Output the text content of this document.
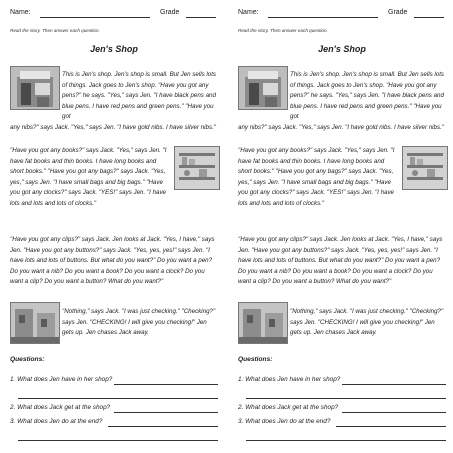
Name:	Grade
Read the story. Then answer each question.
Jen's Shop
This is Jen's shop. Jen's shop is small. But Jen sells lots of things. Jack goes to Jen's shop. "Have you got any pens?" he says. "Yes," says Jen. "I have black pens and blue pens. I have red pens and green pens." "Have you got
any nibs?" says Jack. "Yes," says Jen. "I have gold nibs. I have silver nibs."
"Have you got any books?" says Jack. "Yes," says Jen. "I have fat books and thin books. I have long books and short books." "Have you got any bags?" says Jack. "Yes, yes," says Jen. "I have small bags and big bags." "Have you got any clocks?" says Jack. "YES!" says Jen. "I have lots and lots and lots of clocks."
"Have you got any clips?" says Jack. Jen looks at Jack. "Yes, I have," says Jen. "Have you got any buttons?" says Jack. "Yes, yes, yes!" says Jen. "I have lots and lots of buttons. But what do you want?" Do you want a pen? Do you want a nib? Do you want a book? Do you want a clock? Do you want a clip? Do you want a button? What do you want?"
"Nothing," says Jack. "I was just checking." "Checking?" says Jen. "CHECKING! I will give you checking!" Jen gets up. Jen chases Jack away.
Questions:
1. What does Jen have in her shop?
2. What does Jack get at the shop?
3. What does Jen do at the end?
Name:	Grade
Read the story. Then answer each question.
Jen's Shop
This is Jen's shop. Jen's shop is small. But Jen sells lots of things. Jack goes to Jen's shop. "Have you got any pens?" he says. "Yes," says Jen. "I have black pens and blue pens. I have red pens and green pens." "Have you got
any nibs?" says Jack. "Yes," says Jen. "I have gold nibs. I have silver nibs."
"Have you got any books?" says Jack. "Yes," says Jen. "I have fat books and thin books. I have long books and short books." "Have you got any bags?" says Jack. "Yes, yes," says Jen. "I have small bags and big bags." "Have you got any clocks?" says Jack. "YES!" says Jen. "I have lots and lots and lots of clocks."
"Have you got any clips?" says Jack. Jen looks at Jack. "Yes, I have," says Jen. "Have you got any buttons?" says Jack. "Yes, yes, yes!" says Jen. "I have lots and lots of buttons. But what do you want?" Do you want a pen? Do you want a nib? Do you want a book? Do you want a clock? Do you want a clip? Do you want a button? What do you want?"
"Nothing," says Jack. "I was just checking." "Checking?" says Jen. "CHECKING! I will give you checking!" Jen gets up. Jen chases Jack away.
Questions:
1. What does Jen have in her shop?
2. What does Jack get at the shop?
3. What does Jen do at the end?
